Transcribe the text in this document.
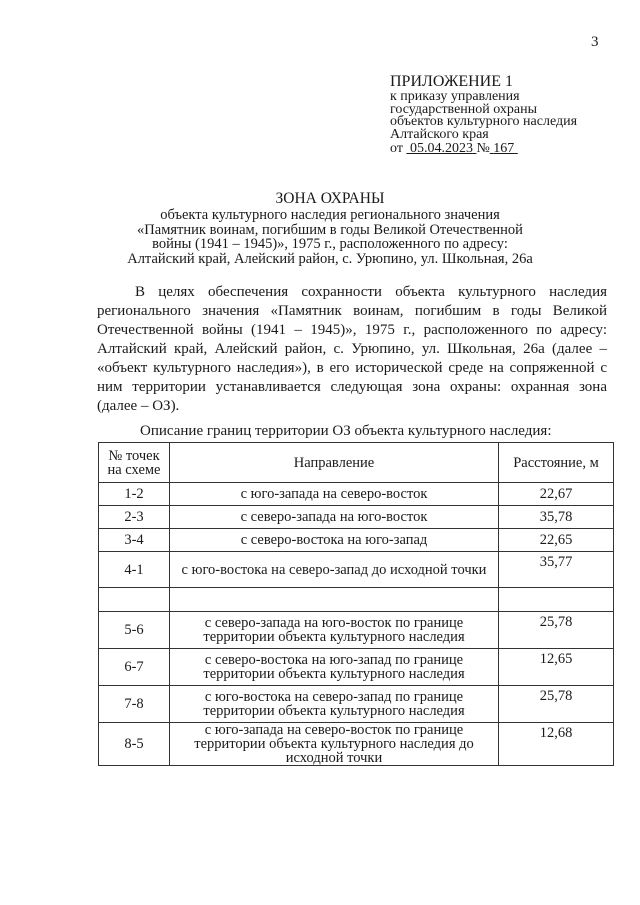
3
ПРИЛОЖЕНИЕ 1
к приказу управления
государственной охраны
объектов культурного наследия
Алтайского края
от 05.04.2023 № 167
ЗОНА ОХРАНЫ
объекта культурного наследия регионального значения
«Памятник воинам, погибшим в годы Великой Отечественной
войны (1941 – 1945)», 1975 г., расположенного по адресу:
Алтайский край, Алейский район, с. Урюпино, ул. Школьная, 26а
В целях обеспечения сохранности объекта культурного наследия регионального значения «Памятник воинам, погибшим в годы Великой Отечественной войны (1941 – 1945)», 1975 г., расположенного по адресу: Алтайский край, Алейский район, с. Урюпино, ул. Школьная, 26а (далее – «объект культурного наследия»), в его исторической среде на сопряженной с ним территории устанавливается следующая зона охраны: охранная зона (далее – ОЗ).
Описание границ территории ОЗ объекта культурного наследия:
№ точек на схеме	Направление	Расстояние, м
1-2	с юго-запада на северо-восток	22,67
2-3	с северо-запада на юго-восток	35,78
3-4	с северо-востока на юго-запад	22,65
4-1	с юго-востока на северо-запад до исходной точки	35,77

5-6	с северо-запада на юго-восток по границе территории объекта культурного наследия	25,78
6-7	с северо-востока на юго-запад по границе территории объекта культурного наследия	12,65
7-8	с юго-востока на северо-запад по границе территории объекта культурного наследия	25,78
8-5	с юго-запада на северо-восток по границе территории объекта культурного наследия до исходной точки	12,68
